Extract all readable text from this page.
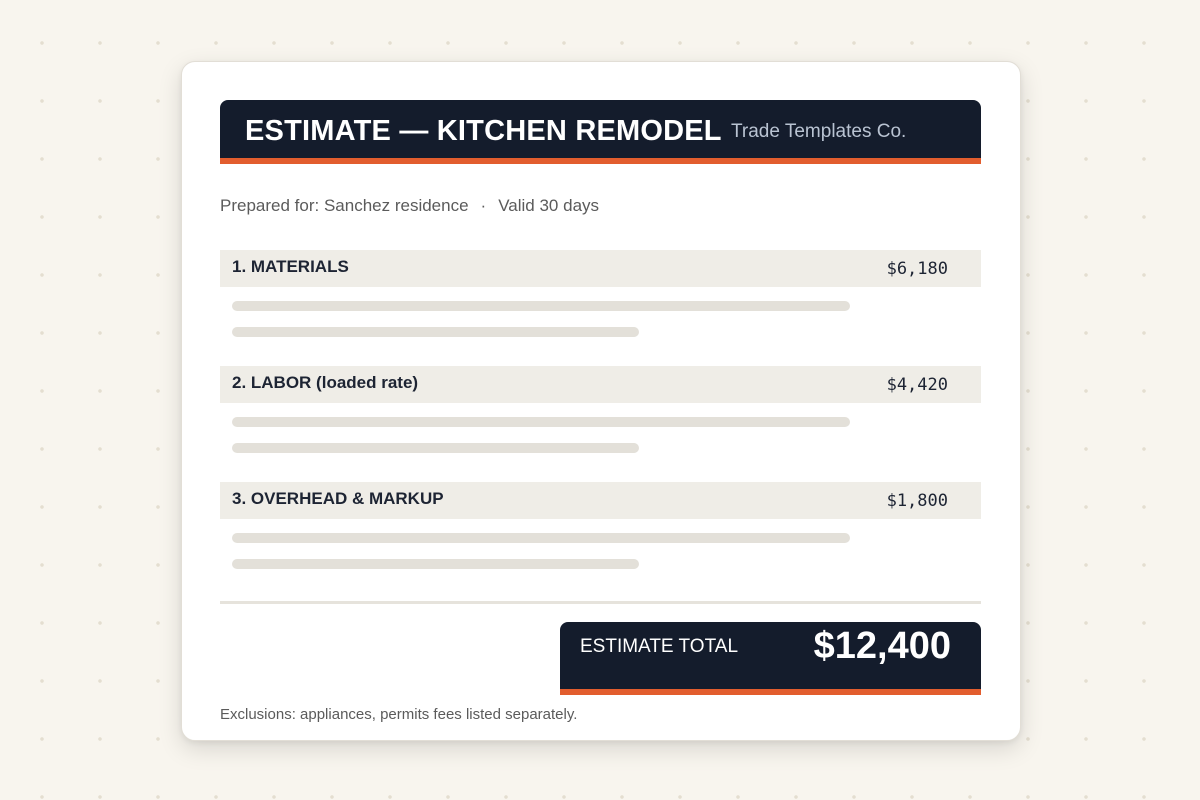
ESTIMATE — KITCHEN REMODEL Trade Templates Co.
Prepared for: Sanchez residence · Valid 30 days
1. MATERIALS	$6,180
2. LABOR (loaded rate)	$4,420
3. OVERHEAD & MARKUP	$1,800
ESTIMATE TOTAL $12,400
Exclusions: appliances, permits fees listed separately.
